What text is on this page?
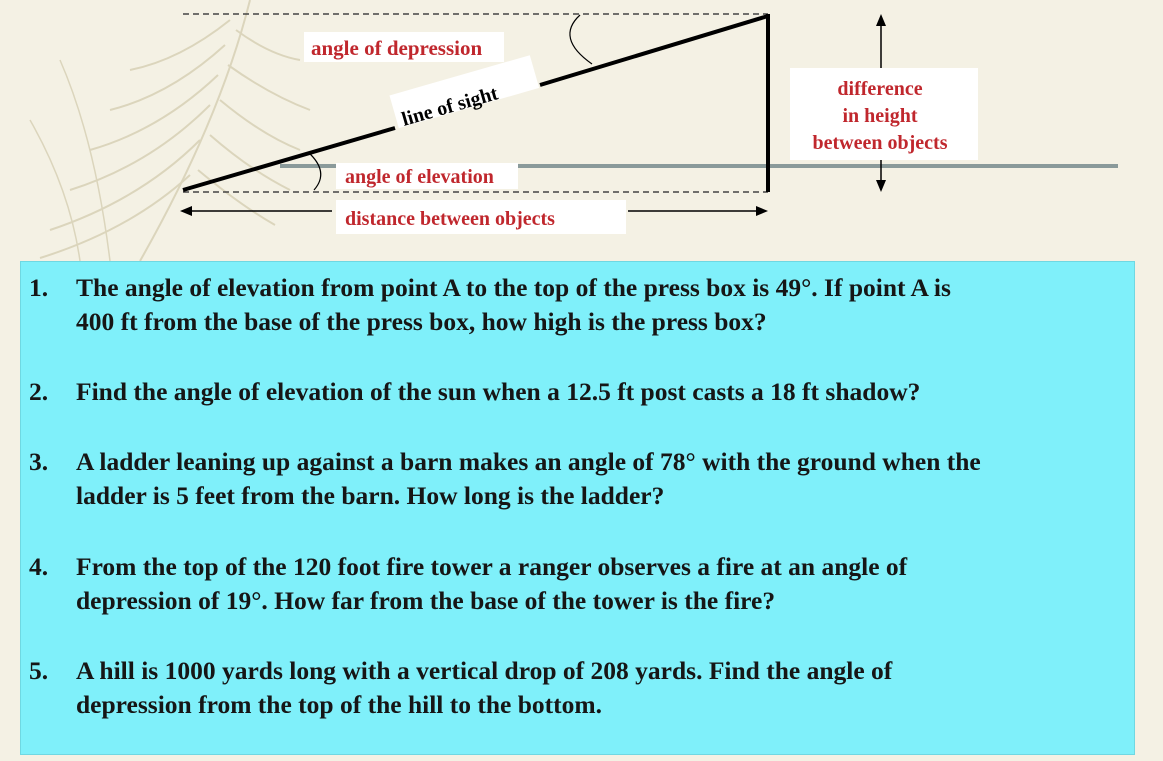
angle of depression
line of sight
angle of elevation
distance between objects
difference
in height
between objects
1. The angle of elevation from point A to the top of the press box is 49°. If point A is
400 ft from the base of the press box, how high is the press box?
2. Find the angle of elevation of the sun when a 12.5 ft post casts a 18 ft shadow?
3. A ladder leaning up against a barn makes an angle of 78° with the ground when the
ladder is 5 feet from the barn. How long is the ladder?
4. From the top of the 120 foot fire tower a ranger observes a fire at an angle of
depression of 19°. How far from the base of the tower is the fire?
5. A hill is 1000 yards long with a vertical drop of 208 yards. Find the angle of
depression from the top of the hill to the bottom.
